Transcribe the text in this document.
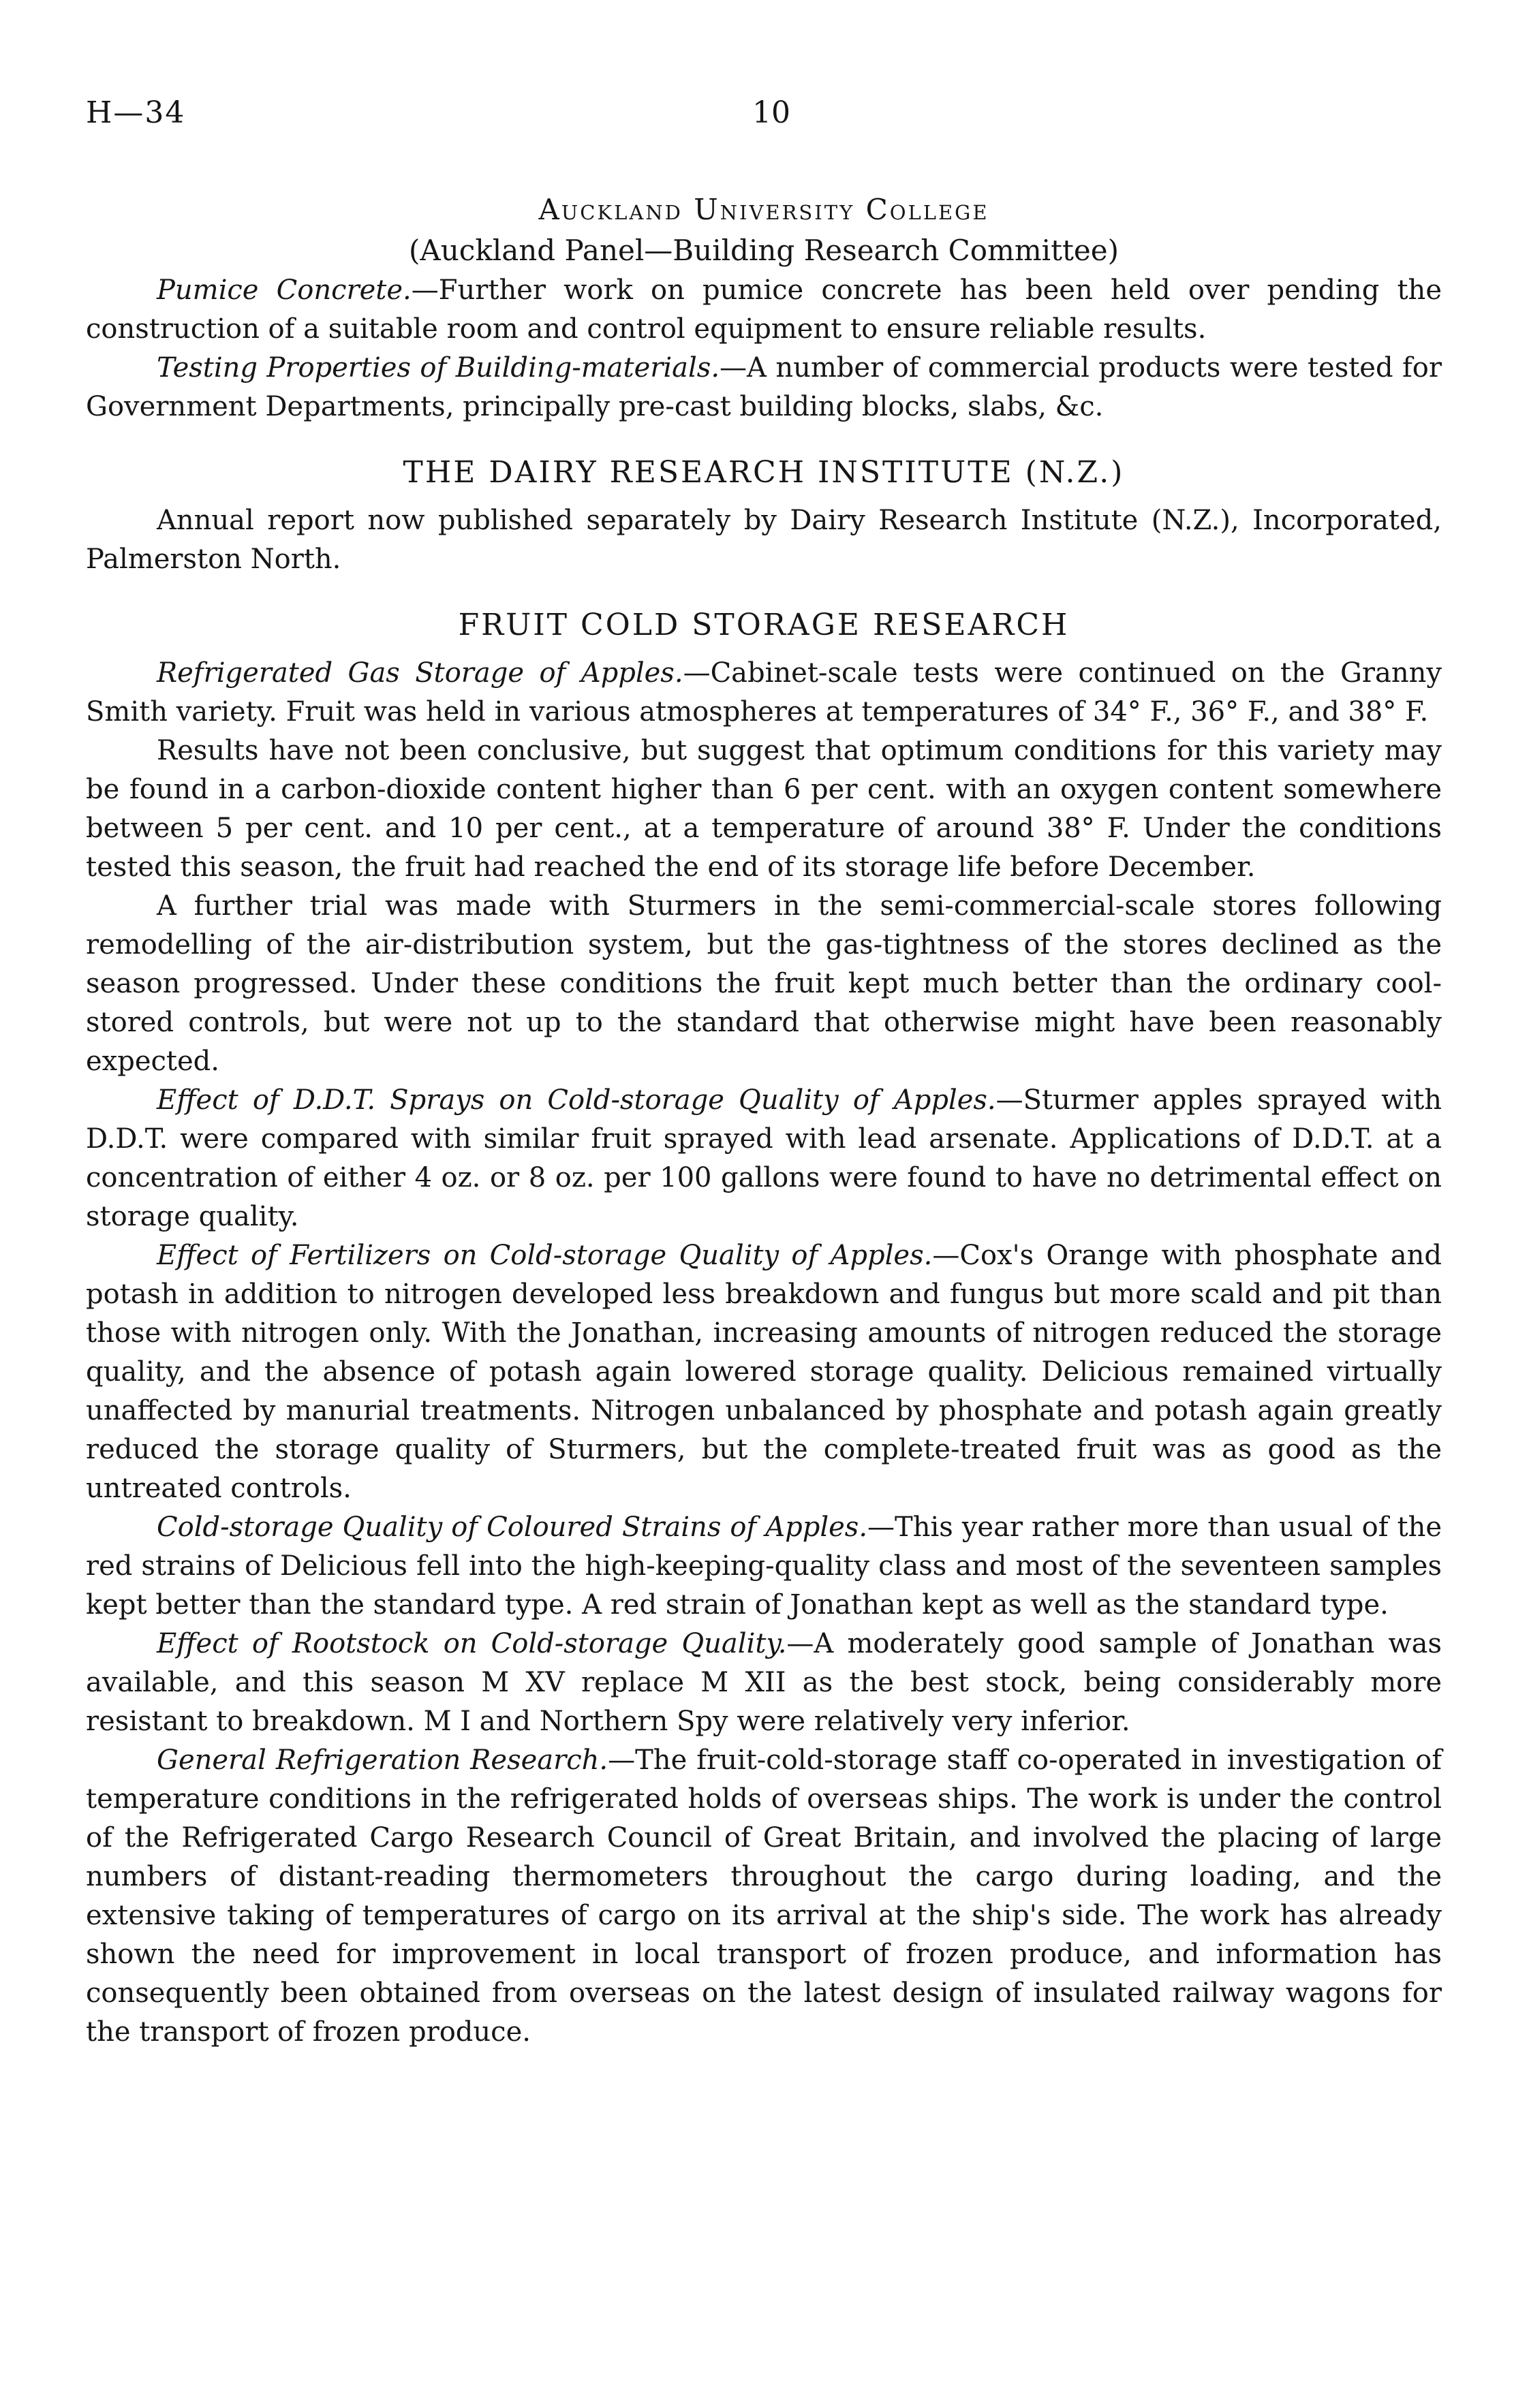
H—34	10
Auckland University College
(Auckland Panel—Building Research Committee)

Pumice Concrete.—Further work on pumice concrete has been held over pending the construction of a suitable room and control equipment to ensure reliable results.

Testing Properties of Building-materials.—A number of commercial products were tested for Government Departments, principally pre-cast building blocks, slabs, &c.

THE DAIRY RESEARCH INSTITUTE (N.Z.)

Annual report now published separately by Dairy Research Institute (N.Z.), Incorporated, Palmerston North.

FRUIT COLD STORAGE RESEARCH

Refrigerated Gas Storage of Apples.—Cabinet-scale tests were continued on the Granny Smith variety. Fruit was held in various atmospheres at temperatures of 34° F., 36° F., and 38° F.

Results have not been conclusive, but suggest that optimum conditions for this variety may be found in a carbon-dioxide content higher than 6 per cent. with an oxygen content somewhere between 5 per cent. and 10 per cent., at a temperature of around 38° F. Under the conditions tested this season, the fruit had reached the end of its storage life before December.

A further trial was made with Sturmers in the semi-commercial-scale stores following remodelling of the air-distribution system, but the gas-tightness of the stores declined as the season progressed. Under these conditions the fruit kept much better than the ordinary cool-stored controls, but were not up to the standard that otherwise might have been reasonably expected.

Effect of D.D.T. Sprays on Cold-storage Quality of Apples.—Sturmer apples sprayed with D.D.T. were compared with similar fruit sprayed with lead arsenate. Applications of D.D.T. at a concentration of either 4 oz. or 8 oz. per 100 gallons were found to have no detrimental effect on storage quality.

Effect of Fertilizers on Cold-storage Quality of Apples.—Cox's Orange with phosphate and potash in addition to nitrogen developed less breakdown and fungus but more scald and pit than those with nitrogen only. With the Jonathan, increasing amounts of nitrogen reduced the storage quality, and the absence of potash again lowered storage quality. Delicious remained virtually unaffected by manurial treatments. Nitrogen unbalanced by phosphate and potash again greatly reduced the storage quality of Sturmers, but the complete-treated fruit was as good as the untreated controls.

Cold-storage Quality of Coloured Strains of Apples.—This year rather more than usual of the red strains of Delicious fell into the high-keeping-quality class and most of the seventeen samples kept better than the standard type. A red strain of Jonathan kept as well as the standard type.

Effect of Rootstock on Cold-storage Quality.—A moderately good sample of Jonathan was available, and this season M XV replace M XII as the best stock, being considerably more resistant to breakdown. M I and Northern Spy were relatively very inferior.

General Refrigeration Research.—The fruit-cold-storage staff co-operated in investigation of temperature conditions in the refrigerated holds of overseas ships. The work is under the control of the Refrigerated Cargo Research Council of Great Britain, and involved the placing of large numbers of distant-reading thermometers throughout the cargo during loading, and the extensive taking of temperatures of cargo on its arrival at the ship's side. The work has already shown the need for improvement in local transport of frozen produce, and information has consequently been obtained from overseas on the latest design of insulated railway wagons for the transport of frozen produce.
